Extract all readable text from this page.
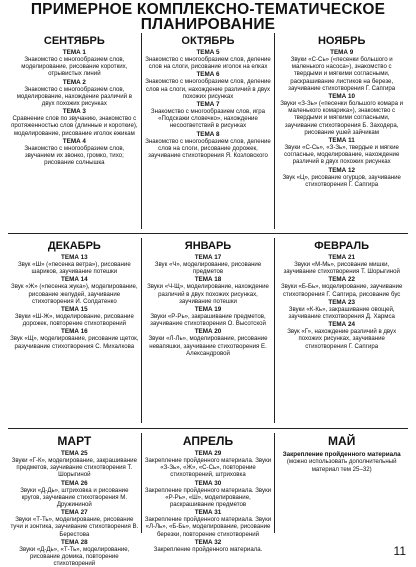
ПРИМЕРНОЕ КОМПЛЕКСНО-ТЕМАТИЧЕСКОЕ
ПЛАНИРОВАНИЕ
СЕНТЯБРЬ
ТЕМА 1
Знакомство с многообразием слов, моделирование, рисование коротких, отрывистых линий
ТЕМА 2
Знакомство с многообразием слов, моделирование, нахождение различий в двух похожих рисунках
ТЕМА 3
Сравнение слов по звучанию, знакомство с протяженностью слов (длинные и короткие), моделирование, рисование иголок ежикам
ТЕМА 4
Знакомство с многообразием слов, звучанием их звонко, громко, тихо; рисование солнышка
ОКТЯБРЬ
ТЕМА 5
Знакомство с многообразием слов, деление слов на слоги, рисование иголок на елках
ТЕМА 6
Знакомство с многообразием слов, деление слов на слоги, нахождение различий в двух похожих рисунках
ТЕМА 7
Знакомство с многообразием слов, игра «Подскажи словечко», нахождение несоответствий в рисунках
ТЕМА 8
Знакомство с многообразием слов, деление слов на слоги, рисование дорожек, заучивание стихотворения Я. Козловского
НОЯБРЬ
ТЕМА 9
Звуки «С-Сь» («песенки большого и маленького насоса»), знакомство с твердыми и мягкими согласными, раскрашивание листиков на березе, заучивание стихотворения Г. Сапгира
ТЕМА 10
Звуки «З-Зь» («песенки большого комара и маленького комарика»), знакомство с твердыми и мягкими согласными, заучивание стихотворения Б. Заходера, рисование ушей зайчикам
ТЕМА 11
Звуки «С-Сь», «З-Зь», твердые и мягкие согласные, моделирование, нахождение различий в двух похожих рисунках
ТЕМА 12
Звук «Ц», рисование огурцов, заучивание стихотворения Г. Сапгира
ДЕКАБРЬ
ТЕМА 13
Звук «Ш» («песенка ветра»), рисование шариков, заучивание потешки
ТЕМА 14
Звук «Ж» («песенка жука»), моделирование, рисование желудей, заучивание стихотворения И. Солдатенко
ТЕМА 15
Звуки «Ш-Ж», моделирование, рисование дорожек, повторение стихотворений
ТЕМА 16
Звук «Щ», моделирование, рисование щеток, разучивание стихотворения С. Михалкова
ЯНВАРЬ
ТЕМА 17
Звук «Ч», моделирование, рисование предметов
ТЕМА 18
Звуки «Ч-Щ», моделирование, нахождение различий в двух похожих рисунках, заучивание потешки
ТЕМА 19
Звуки «Р-Рь», закрашивание предметов, заучивание стихотворения О. Высотской
ТЕМА 20
Звуки «Л-Ль», моделирование, рисование невапяшки, заучивание стихотворения Е. Александровой
ФЕВРАЛЬ
ТЕМА 21
Звуки «М-Мь», рисование мишки, заучивание стихотворения Т. Шорыгиной
ТЕМА 22
Звуки «Б-Бь», моделирование, заучивание стихотворения Г. Сапгира, рисование бус
ТЕМА 23
Звуки «К-Кь», закрашивание овощей, заучивание стихотворения Д. Хармса
ТЕМА 24
Звук «Г», нахождение различий в двух похожих рисунках, заучивание стихотворения Г. Сапгира
МАРТ
ТЕМА 25
Звуки «Г-К», моделирование, закрашивание предметов, заучивание стихотворения Т. Шорыгиной
ТЕМА 26
Звуки «Д-Дь», штриховка и рисование кругов, заучивание стихотворения М. Дружининой
ТЕМА 27
Звуки «Т-Ть», моделирование, рисование тучи и зонтика, заучивание стихотворения В. Берестова
ТЕМА 28
Звуки «Д-Дь», «Т-Ть», моделирование, рисование домика, повторение стихотворений
АПРЕЛЬ
ТЕМА 29
Закрепление пройденного материала. Звуки «З-Зь», «Ж», «С-Сь», повторение стихотворений, штриховка
ТЕМА 30
Закрепление пройденного материала. Звуки «Р-Рь», «Ш», моделирование, раскрашивание предметов
ТЕМА 31
Закрепление пройденного материала. Звуки «Л-Ль», «Б-Бь», моделирование, рисование березки, повторение стихотворений
ТЕМА 32
Закрепление пройденного материала.
МАЙ
Закрепление пройденного материала
(можно использовать дополнительный материал тем 25–32)
11
